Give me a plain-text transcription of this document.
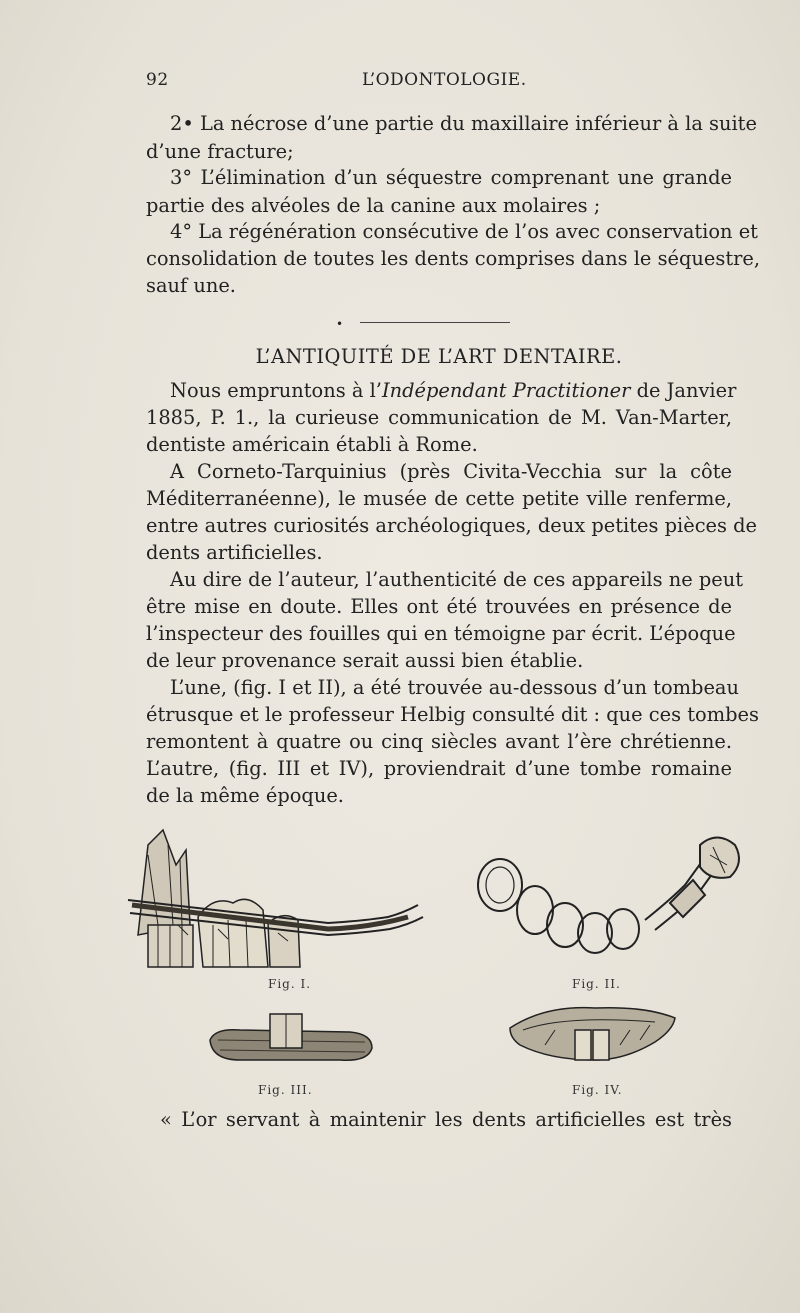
92	L’ODONTOLOGIE.
2• La nécrose d’une partie du maxillaire inférieur à la suite
d’une fracture;
3° L’élimination d’un séquestre comprenant une grande
partie des alvéoles de la canine aux molaires ;
4° La régénération consécutive de l’os avec conservation et
consolidation de toutes les dents comprises dans le séquestre,
sauf une.
•
L’ANTIQUITÉ DE L’ART DENTAIRE.
Nous empruntons à l’Indépendant Practitioner de Janvier
1885, P. 1., la curieuse communication de M. Van-Marter,
dentiste américain établi à Rome.
A Corneto-Tarquinius (près Civita-Vecchia sur la côte
Méditerranéenne), le musée de cette petite ville renferme,
entre autres curiosités archéologiques, deux petites pièces de
dents artificielles.
Au dire de l’auteur, l’authenticité de ces appareils ne peut
être mise en doute. Elles ont été trouvées en présence de
l’inspecteur des fouilles qui en témoigne par écrit. L’époque
de leur provenance serait aussi bien établie.
L’une, (fig. I et II), a été trouvée au-dessous d’un tombeau
étrusque et le professeur Helbig consulté dit : que ces tombes
remontent à quatre ou cinq siècles avant l’ère chrétienne.
L’autre, (fig. III et IV), proviendrait d’une tombe romaine
de la même époque.
Fig. I.	Fig. II.
Fig. III.	Fig. IV.
« L’or servant à maintenir les dents artificielles est très
